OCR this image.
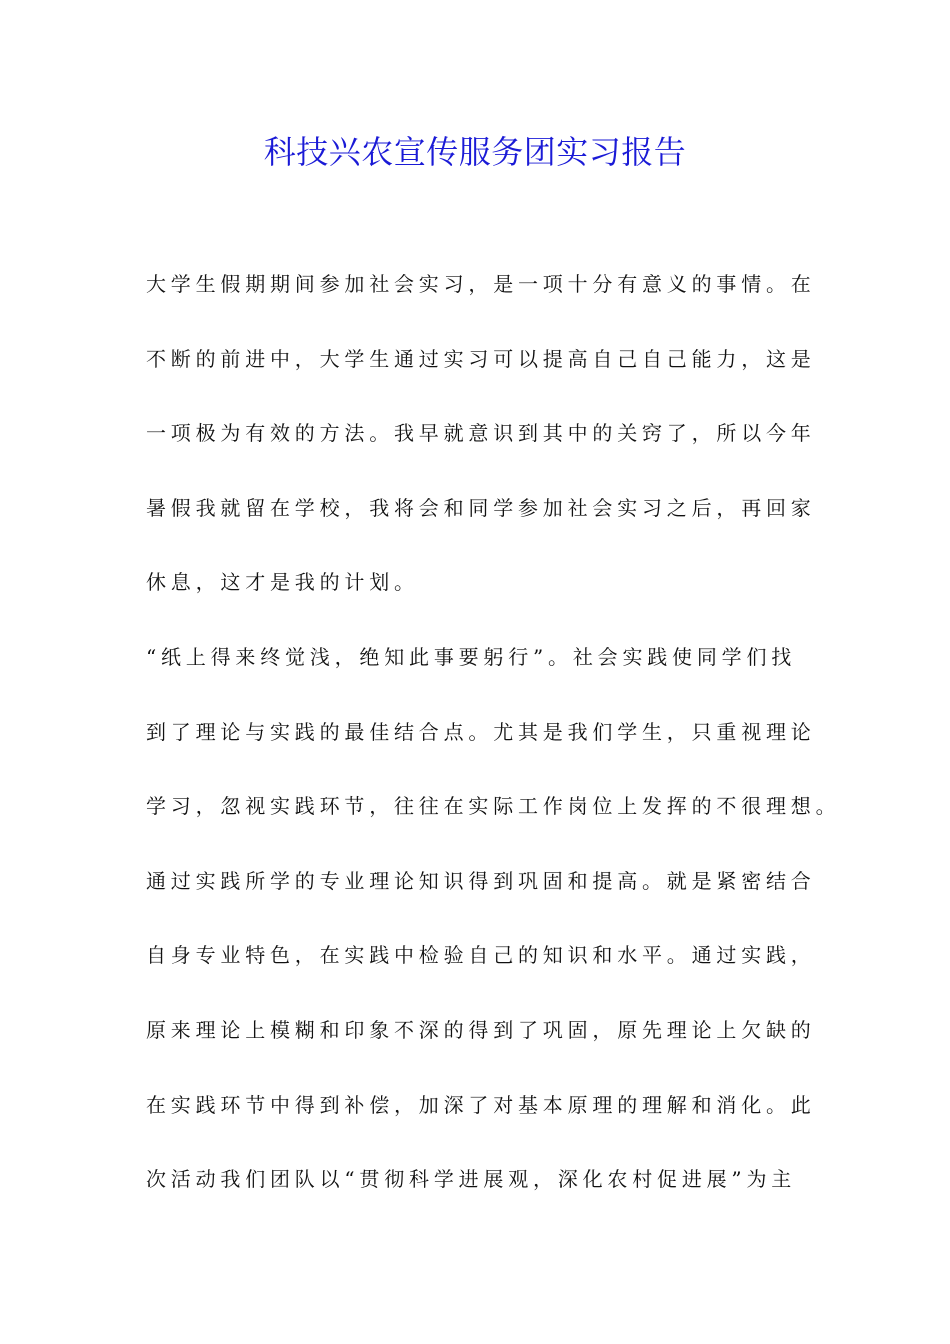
科技兴农宣传服务团实习报告

大学生假期期间参加社会实习，是一项十分有意义的事情。在

不断的前进中，大学生通过实习可以提高自己自己能力，这是

一项极为有效的方法。我早就意识到其中的关窍了，所以今年

暑假我就留在学校，我将会和同学参加社会实习之后，再回家

休息，这才是我的计划。

“纸上得来终觉浅，绝知此事要躬行”。社会实践使同学们找

到了理论与实践的最佳结合点。尤其是我们学生，只重视理论

学习，忽视实践环节，往往在实际工作岗位上发挥的不很理想。

通过实践所学的专业理论知识得到巩固和提高。就是紧密结合

自身专业特色，在实践中检验自己的知识和水平。通过实践，

原来理论上模糊和印象不深的得到了巩固，原先理论上欠缺的

在实践环节中得到补偿，加深了对基本原理的理解和消化。此

次活动我们团队以“贯彻科学进展观，深化农村促进展”为主
